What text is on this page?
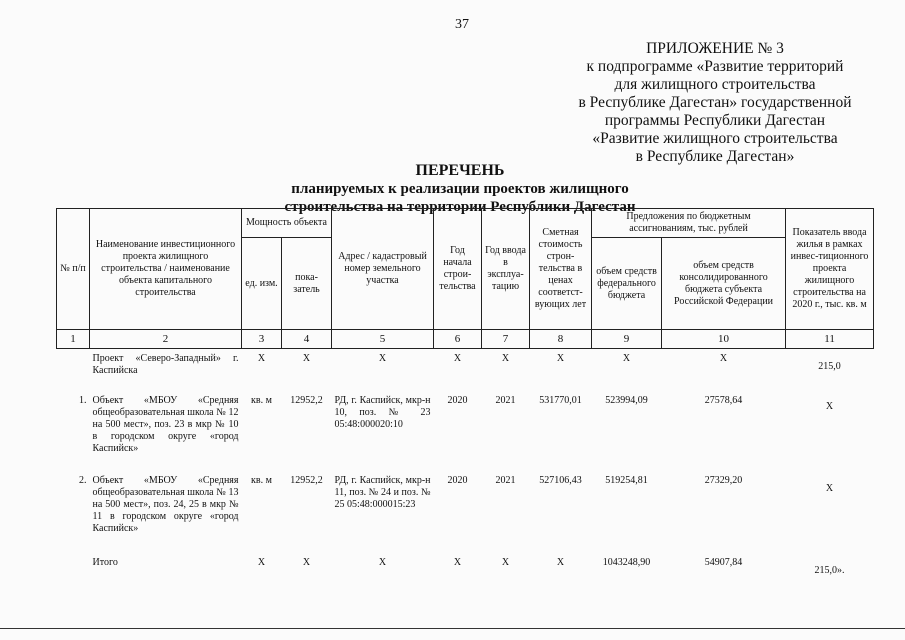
37
ПРИЛОЖЕНИЕ № 3
к подпрограмме «Развитие территорий
для жилищного строительства
в Республике Дагестан» государственной
программы Республики Дагестан
«Развитие жилищного строительства
в Республике Дагестан»
ПЕРЕЧЕНЬ
планируемых к реализации проектов жилищного
строительства на территории Республики Дагестан
№ п/п	Наименование инвестиционного проекта жилищного строительства / наименование объекта капитального строительства	Мощность объекта		Адрес / кадастровый номер земельного участка	Год начала строи-тельства	Год ввода в эксплуа-тацию	Сметная стоимость строн-тельства в ценах соответст-вующих лет	Предложения по бюджетным ассигнованиям, тыс. рублей		Показатель ввода жилья в рамках инвес-тиционного проекта жилищного строительства на 2020 г., тыс. кв. м
		ед. изм.	пока-затель					объем средств федерального бюджета	объем средств консолидированного бюджета субъекта Российской Федерации	
1	2	3	4	5	6	7	8	9	10	11
	Проект «Северо-Западный» г. Каспийска	X	X	X	X	X	X	X	X	215,0
1.	Объект «МБОУ «Средняя общеобразовательная школа № 12 на 500 мест», поз. 23 в мкр № 10 в городском округе «город Каспийск»	кв. м	12952,2	РД, г. Каспийск, мкр-н 10, поз. № 23 05:48:000020:10	2020	2021	531770,01	523994,09	27578,64	X
2.	Объект «МБОУ «Средняя общеобразовательная школа № 13 на 500 мест», поз. 24, 25 в мкр № 11 в городском округе «город Каспийск»	кв. м	12952,2	РД, г. Каспийск, мкр-н 11, поз. № 24 и поз. № 25 05:48:000015:23	2020	2021	527106,43	519254,81	27329,20	X
	Итого	X	X	X	X	X	X	1043248,90	54907,84	215,0».
